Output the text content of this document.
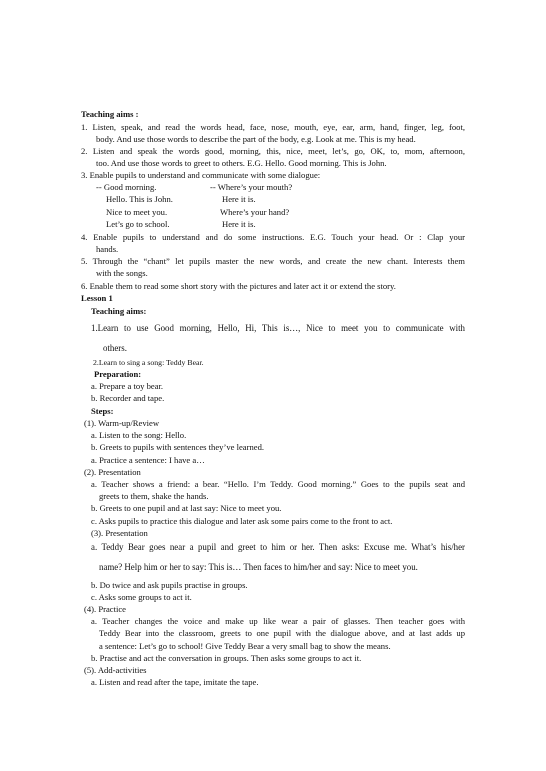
Teaching aims :
1. Listen, speak, and read the words head, face, nose, mouth, eye, ear, arm, hand, finger, leg, foot,
body. And use those words to describe the part of the body, e.g. Look at me. This is my head.
2. Listen and speak the words good, morning, this, nice, meet, let’s, go, OK, to, mom, afternoon,
too. And use those words to greet to others. E.G. Hello. Good morning. This is John.
3. Enable pupils to understand and communicate with some dialogue:
-- Good morning.	-- Where’s your mouth?
Hello. This is John.	Here it is.
Nice to meet you.	Where’s your hand?
Let’s go to school.	Here it is.
4. Enable pupils to understand and do some instructions. E.G. Touch your head. Or : Clap your
hands.
5. Through the “chant” let pupils master the new words, and create the new chant. Interests them
with the songs.
6. Enable them to read some short story with the pictures and later act it or extend the story.
Lesson 1
Teaching aims:
1.Learn to use Good morning, Hello, Hi, This is…, Nice to meet you to communicate with
others.
2.Learn to sing a song: Teddy Bear.
Preparation:
a. Prepare a toy bear.
b. Recorder and tape.
Steps:
(1). Warm-up/Review
a. Listen to the song: Hello.
b. Greets to pupils with sentences they’ve learned.
a. Practice a sentence: I have a…
(2). Presentation
a. Teacher shows a friend: a bear. “Hello. I’m Teddy. Good morning.” Goes to the pupils seat and
greets to them, shake the hands.
b. Greets to one pupil and at last say: Nice to meet you.
c. Asks pupils to practice this dialogue and later ask some pairs come to the front to act.
(3). Presentation
a. Teddy Bear goes near a pupil and greet to him or her. Then asks: Excuse me. What’s his/her
name? Help him or her to say: This is… Then faces to him/her and say: Nice to meet you.
b. Do twice and ask pupils practise in groups.
c. Asks some groups to act it.
(4). Practice
a. Teacher changes the voice and make up like wear a pair of glasses. Then teacher goes with
Teddy Bear into the classroom, greets to one pupil with the dialogue above, and at last adds up
a sentence: Let’s go to school! Give Teddy Bear a very small bag to show the means.
b. Practise and act the conversation in groups. Then asks some groups to act it.
(5). Add-activities
a. Listen and read after the tape, imitate the tape.
